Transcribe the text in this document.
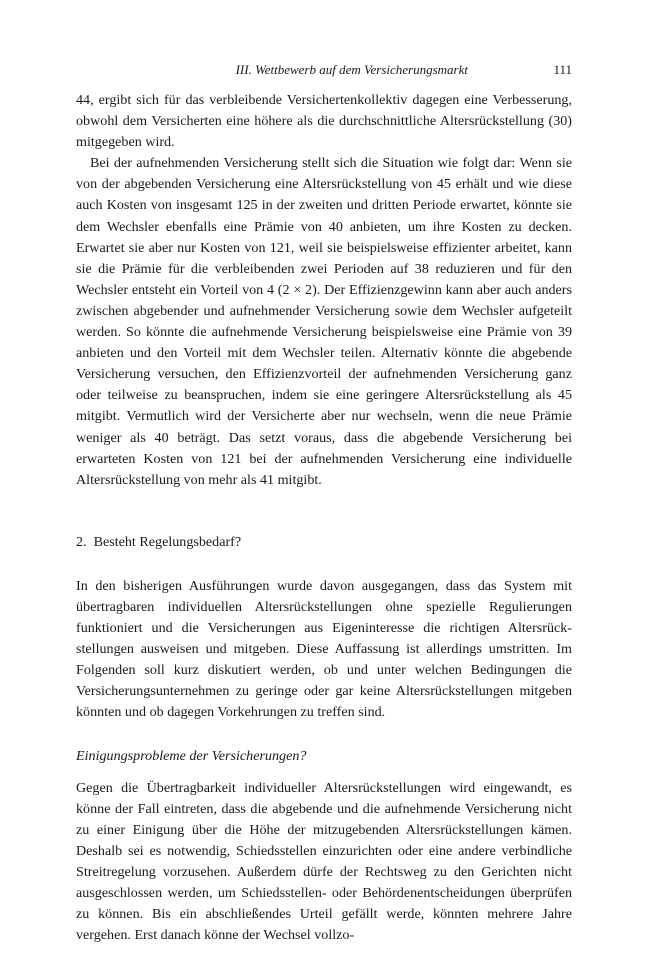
III. Wettbewerb auf dem Versicherungsmarkt	111

44, ergibt sich für das verbleibende Versichertenkollektiv dagegen eine Verbesserung, obwohl dem Versicherten eine höhere als die durchschnittliche Altersrückstellung (30) mitgegeben wird.

Bei der aufnehmenden Versicherung stellt sich die Situation wie folgt dar: Wenn sie von der abgebenden Versicherung eine Altersrückstellung von 45 erhält und wie diese auch Kosten von insgesamt 125 in der zweiten und dritten Periode erwartet, könnte sie dem Wechsler ebenfalls eine Prämie von 40 anbieten, um ihre Kosten zu decken. Erwartet sie aber nur Kosten von 121, weil sie beispielsweise effizienter arbeitet, kann sie die Prämie für die verbleibenden zwei Perioden auf 38 reduzieren und für den Wechsler entsteht ein Vorteil von 4 (2 × 2). Der Effizienzgewinn kann aber auch anders zwischen abgebender und aufnehmender Versicherung sowie dem Wechsler aufgeteilt werden. So könnte die aufnehmende Versicherung beispielsweise eine Prämie von 39 anbieten und den Vorteil mit dem Wechsler teilen. Alternativ könnte die abgebende Versicherung versuchen, den Effizienzvorteil der aufnehmenden Versicherung ganz oder teilweise zu beanspruchen, indem sie eine geringere Altersrückstellung als 45 mitgibt. Vermutlich wird der Versicherte aber nur wechseln, wenn die neue Prämie weniger als 40 beträgt. Das setzt voraus, dass die abgebende Versicherung bei erwarteten Kosten von 121 bei der aufnehmenden Versicherung eine individuelle Altersrückstellung von mehr als 41 mitgibt.

2. Besteht Regelungsbedarf?

In den bisherigen Ausführungen wurde davon ausgegangen, dass das System mit übertragbaren individuellen Altersrückstellungen ohne spezielle Regulierungen funktioniert und die Versicherungen aus Eigeninteresse die richtigen Altersrückstellungen ausweisen und mitgeben. Diese Auffassung ist allerdings umstritten. Im Folgenden soll kurz diskutiert werden, ob und unter welchen Bedingungen die Versicherungsunternehmen zu geringe oder gar keine Altersrückstellungen mitgeben könnten und ob dagegen Vorkehrungen zu treffen sind.

Einigungsprobleme der Versicherungen?

Gegen die Übertragbarkeit individueller Altersrückstellungen wird eingewandt, es könne der Fall eintreten, dass die abgebende und die aufnehmende Versicherung nicht zu einer Einigung über die Höhe der mitzugebenden Altersrückstellungen kämen. Deshalb sei es notwendig, Schiedsstellen einzurichten oder eine andere verbindliche Streitregelung vorzusehen. Außerdem dürfe der Rechtsweg zu den Gerichten nicht ausgeschlossen werden, um Schiedsstellen- oder Behördenentscheidungen überprüfen zu können. Bis ein abschließendes Urteil gefällt werde, könnten mehrere Jahre vergehen. Erst danach könne der Wechsel vollzo-
